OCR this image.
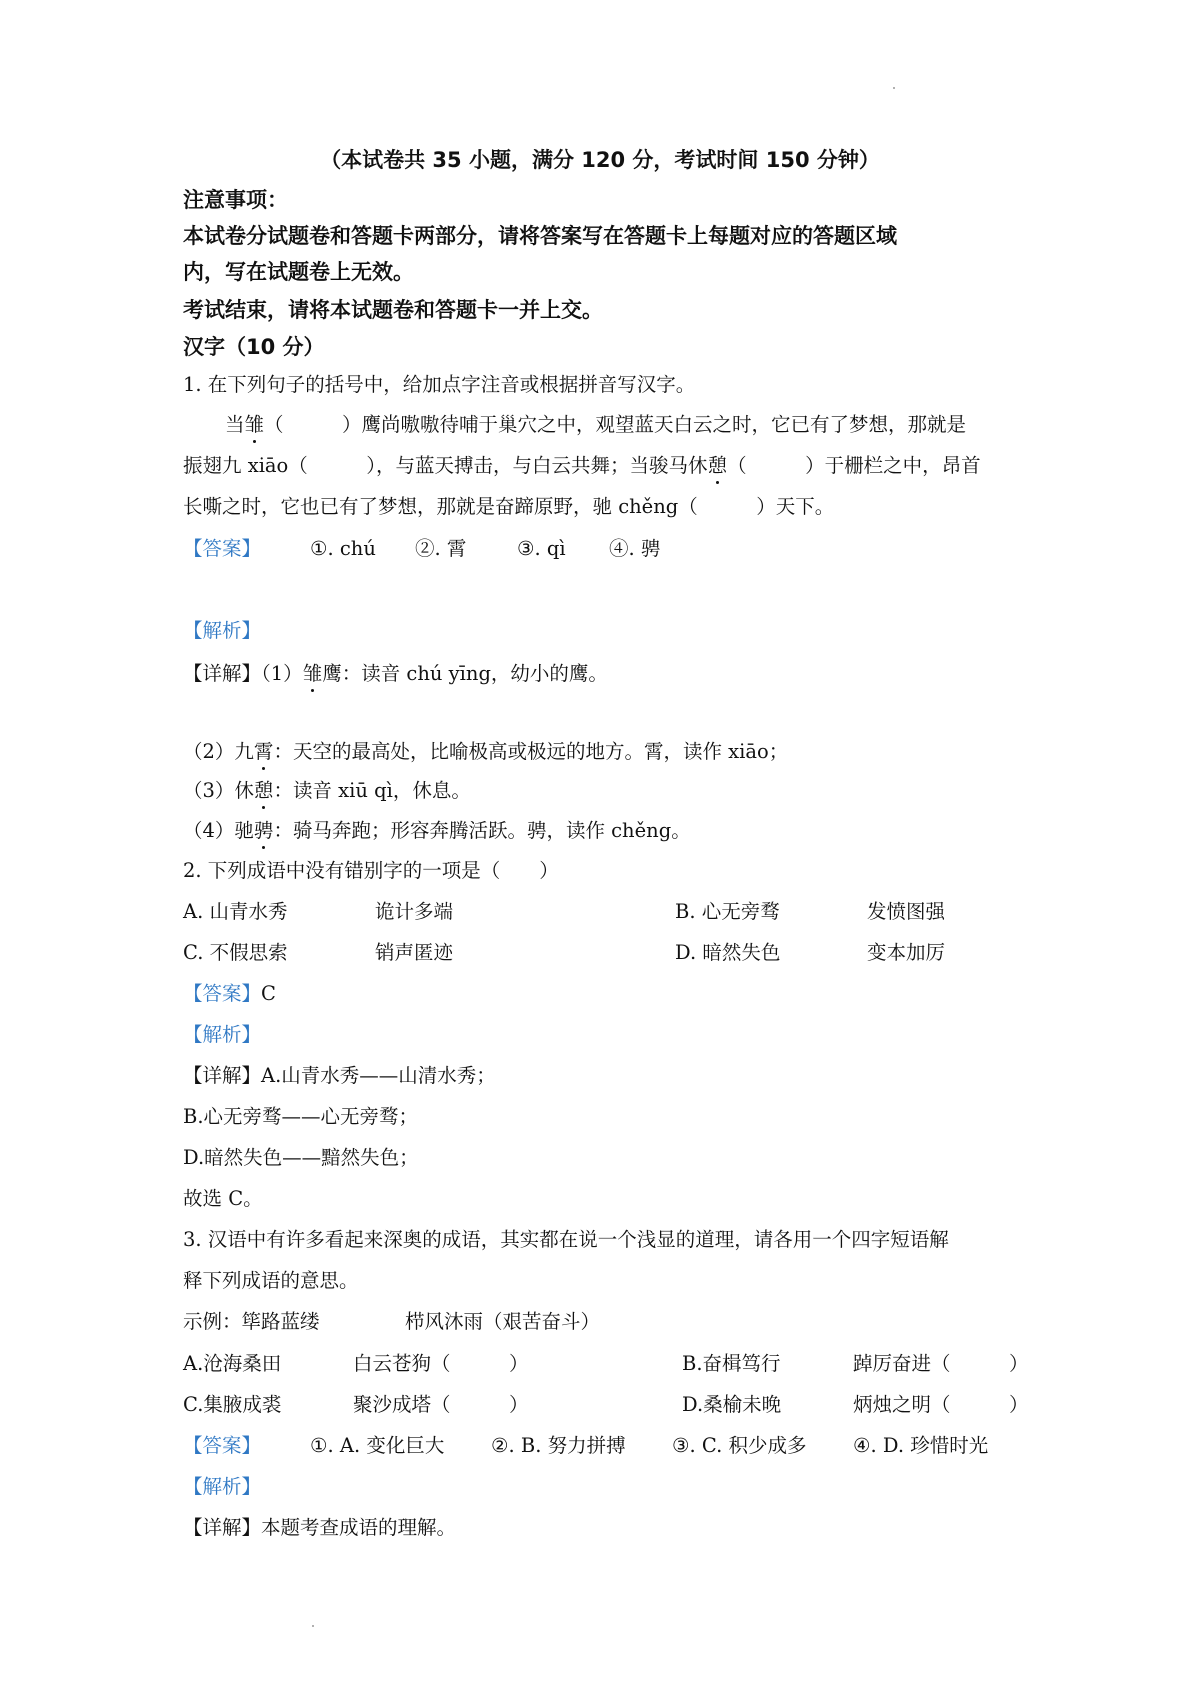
（本试卷共 35 小题，满分 120 分，考试时间 150 分钟）
注意事项：
本试卷分试题卷和答题卡两部分，请将答案写在答题卡上每题对应的答题区域
内，写在试题卷上无效。
考试结束，请将本试题卷和答题卡一并上交。
汉字（10 分）
1. 在下列句子的括号中，给加点字注音或根据拼音写汉字。
当雏（　　　）鹰尚嗷嗷待哺于巢穴之中，观望蓝天白云之时，它已有了梦想，那就是
振翅九 xiāo（　　　），与蓝天搏击，与白云共舞；当骏马休憩（　　　）于栅栏之中，昂首
长嘶之时，它也已有了梦想，那就是奋蹄原野，驰 chěng（　　　）天下。
【答案】	①. chú ②. 霄	③. qì ④. 骋
【解析】
【详解】（1）雏鹰：读音 chú yīng，幼小的鹰。
（2）九霄：天空的最高处，比喻极高或极远的地方。霄，读作 xiāo；
（3）休憩：读音 xiū qì，休息。
（4）驰骋：骑马奔跑；形容奔腾活跃。骋，读作 chěng。
2. 下列成语中没有错别字的一项是（　　）
A. 山青水秀	诡计多端	B. 心无旁骛	发愤图强
C. 不假思索	销声匿迹	D. 暗然失色	变本加厉
【答案】C
【解析】
【详解】A.山青水秀——山清水秀；
B.心无旁骛——心无旁骛；
D.暗然失色——黯然失色；
故选 C。
3. 汉语中有许多看起来深奥的成语，其实都在说一个浅显的道理，请各用一个四字短语解
释下列成语的意思。
示例：筚路蓝缕	栉风沐雨（艰苦奋斗）
A.沧海桑田	白云苍狗（　　　）	B.奋楫笃行	踔厉奋进（　　　）
C.集腋成裘	聚沙成塔（　　　）	D.桑榆未晚	炳烛之明（　　　）
【答案】	①. A. 变化巨大 ②. B. 努力拼搏 ③. C. 积少成多 ④. D. 珍惜时光
【解析】
【详解】本题考查成语的理解。
